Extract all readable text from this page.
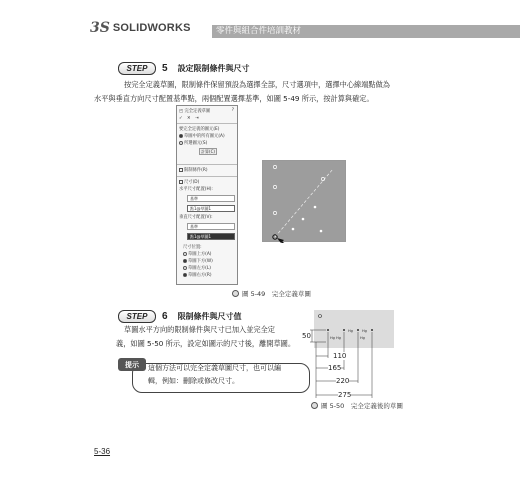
3S SOLIDWORKS	零件與組合件培訓教材
STEP	5 設定限制條件與尺寸
按完全定義草圖，限制條件保留預設為選擇全部，尺寸選項中，選擇中心線端點做為
水平與垂直方向尺寸配置基準點，兩個配置選擇基準，如圖 5-49 所示，按計算與確定。
◰ 完全定義草圖	?
✓ ✕ ⇥
要完全定義的圖元(E)
草圖中的所有圖元(A)
所選圖元(S)
計算(C)
限制條件(R)
尺寸(D)
水平尺寸配置(H):
基準
點1@草圖1
垂直尺寸配置(V):
基準
點1@草圖1
尺寸位置:
草圖上方(A)
草圖下方(W)
草圖左方(L)
草圖右方(R)
圖 5-49　完全定義草圖
STEP	6 限制條件與尺寸值
草圖水平方向的限制條件與尺寸已加入並完全定
義，如圖 5-50 所示，設定如圖示的尺寸後，離開草圖。
提示	這個方法可以完全定義草圖尺寸，也可以編
輯，例如：刪除或修改尺寸。
Hg	Hg
Hg Hg	Hg
50
110
165
220
275
圖 5-50　完全定義後的草圖
5-36
